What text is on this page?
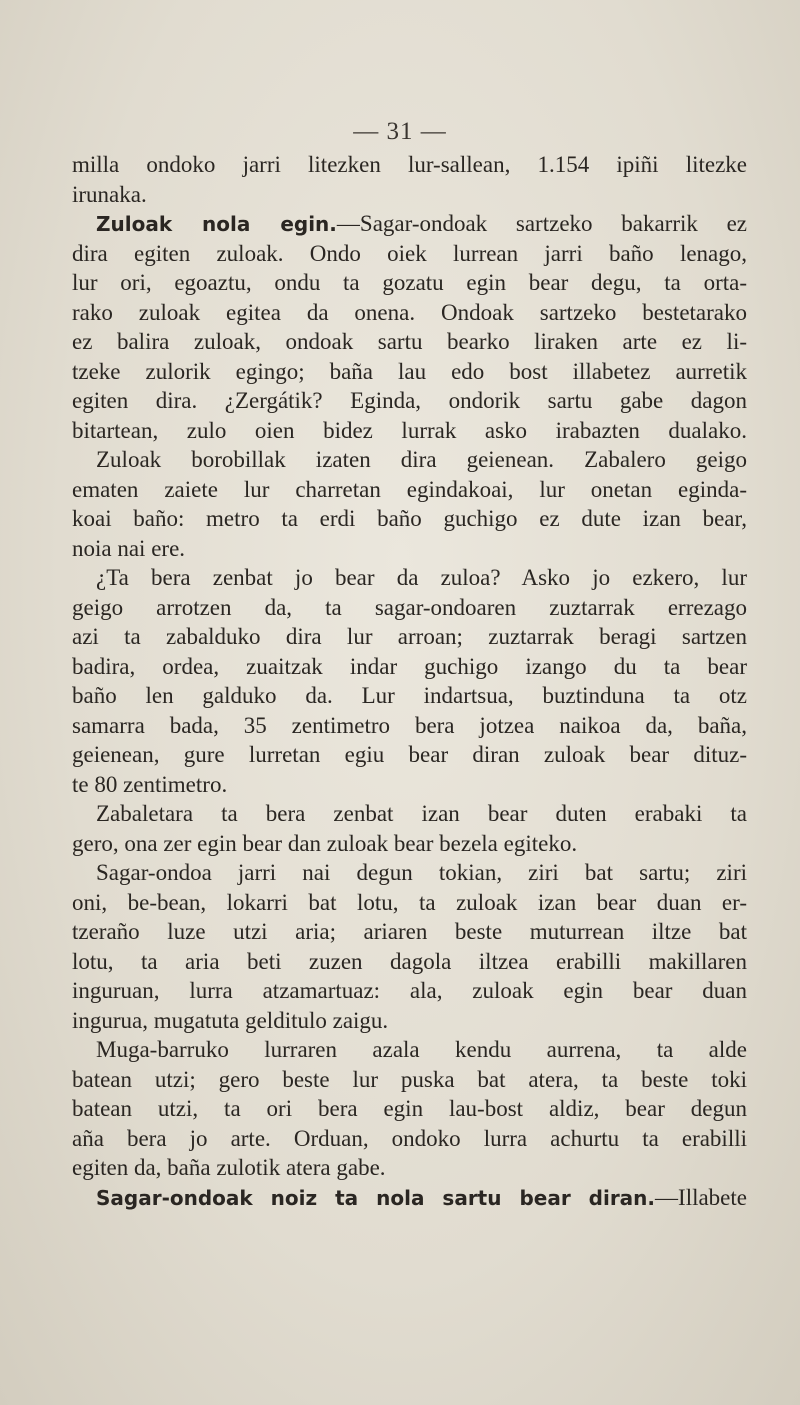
— 31 —
milla ondoko jarri litezken lur-sallean, 1.154 ipiñi litezke
irunaka.
Zuloak nola egin.—Sagar-ondoak sartzeko bakarrik ez
dira egiten zuloak. Ondo oiek lurrean jarri baño lenago,
lur ori, egoaztu, ondu ta gozatu egin bear degu, ta orta-
rako zuloak egitea da onena. Ondoak sartzeko bestetarako
ez balira zuloak, ondoak sartu bearko liraken arte ez li-
tzeke zulorik egingo; baña lau edo bost illabetez aurretik
egiten dira. ¿Zergátik? Eginda, ondorik sartu gabe dagon
bitartean, zulo oien bidez lurrak asko irabazten dualako.
Zuloak borobillak izaten dira geienean. Zabalero geigo
ematen zaiete lur charretan egindakoai, lur onetan egindа-
koai baño: metro ta erdi baño guchigo ez dute izan bear,
noia nai ere.
¿Ta bera zenbat jo bear da zuloa? Asko jo ezkero, lur
geigo arrotzen da, ta sagar-ondoaren zuztarrak errezago
azi ta zabalduko dira lur arroan; zuztarrak beragi sartzen
badira, ordea, zuaitzak indar guchigo izango du ta bear
baño len galduko da. Lur indartsua, buztinduna ta otz
samarra bada, 35 zentimetro bera jotzea naikoa da, baña,
geienean, gure lurretan egiu bear diran zuloak bear dituz-
te 80 zentimetro.
Zabaletara ta bera zenbat izan bear duten erabaki ta
gero, ona zer egin bear dan zuloak bear bezela egiteko.
Sagar-ondoa jarri nai degun tokian, ziri bat sartu; ziri
oni, be-bean, lokarri bat lotu, ta zuloak izan bear duan er-
tzeraño luze utzi aria; ariaren beste muturrean iltze bat
lotu, ta aria beti zuzen dagola iltzea erabilli makillaren
inguruan, lurra atzamartuaz: ala, zuloak egin bear duan
ingurua, mugatuta gelditulo zaigu.
Muga-barruko lurraren azala kendu aurrena, ta alde
batean utzi; gero beste lur puska bat atera, ta beste toki
batean utzi, ta ori bera egin lau-bost aldiz, bear degun
aña bera jo arte. Orduan, ondoko lurra achurtu ta erabilli
egiten da, baña zulotik atera gabe.
Sagar-ondoak noiz ta nola sartu bear diran.—Illabete
